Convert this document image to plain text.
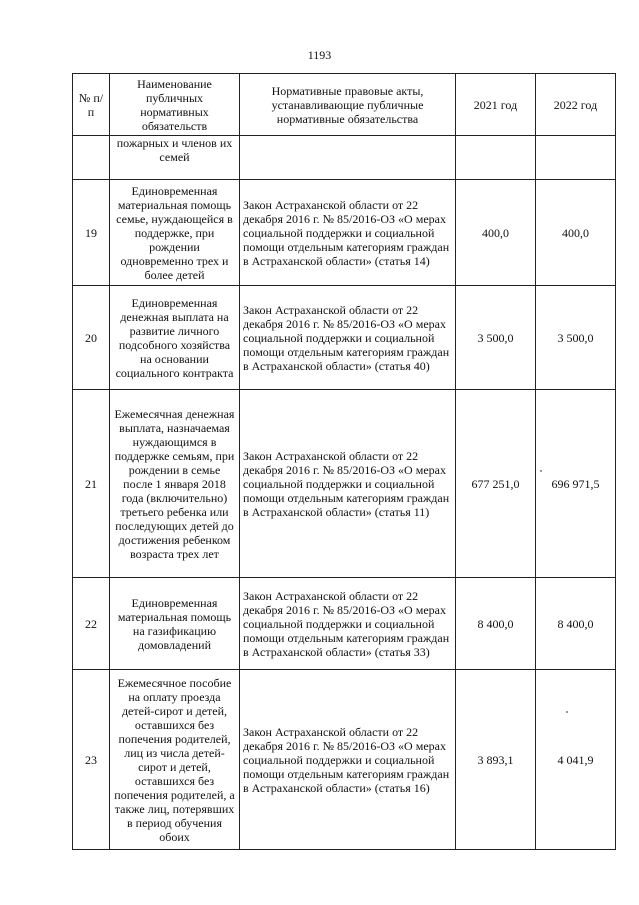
1193
№ п/п	Наименование публичных нормативных обязательств	Нормативные правовые акты, устанавливающие публичные нормативные обязательства	2021 год	2022 год
	пожарных и членов их семей			
19	Единовременная материальная помощь семье, нуждающейся в поддержке, при рождении одновременно трех и более детей	Закон Астраханской области от 22 декабря 2016 г. № 85/2016-ОЗ «О мерах социальной поддержки и социальной помощи отдельным категориям граждан в Астраханской области» (статья 14)	400,0	400,0
20	Единовременная денежная выплата на развитие личного подсобного хозяйства на основании социального контракта	Закон Астраханской области от 22 декабря 2016 г. № 85/2016-ОЗ «О мерах социальной поддержки и социальной помощи отдельным категориям граждан в Астраханской области» (статья 40)	3 500,0	3 500,0
21	Ежемесячная денежная выплата, назначаемая нуждающимся в поддержке семьям, при рождении в семье после 1 января 2018 года (включительно) третьего ребенка или последующих детей до достижения ребенком возраста трех лет	Закон Астраханской области от 22 декабря 2016 г. № 85/2016-ОЗ «О мерах социальной поддержки и социальной помощи отдельным категориям граждан в Астраханской области» (статья 11)	677 251,0	696 971,5
22	Единовременная материальная помощь на газификацию домовладений	Закон Астраханской области от 22 декабря 2016 г. № 85/2016-ОЗ «О мерах социальной поддержки и социальной помощи отдельным категориям граждан в Астраханской области» (статья 33)	8 400,0	8 400,0
23	Ежемесячное пособие на оплату проезда детей-сирот и детей, оставшихся без попечения родителей, лиц из числа детей-сирот и детей, оставшихся без попечения родителей, а также лиц, потерявших в период обучения обоих	Закон Астраханской области от 22 декабря 2016 г. № 85/2016-ОЗ «О мерах социальной поддержки и социальной помощи отдельным категориям граждан в Астраханской области» (статья 16)	3 893,1	4 041,9
